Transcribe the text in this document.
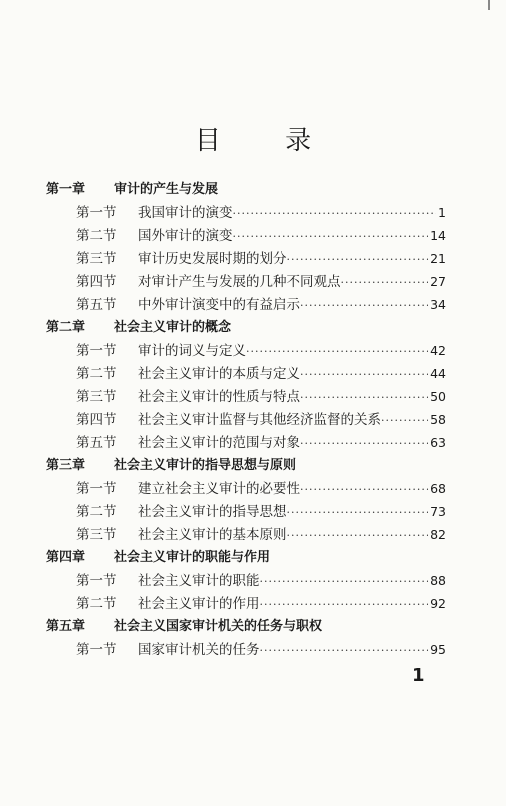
目 录
第一章 审计的产生与发展
第一节	我国审计的演变 ·····	1
第二节	国外审计的演变 ·····	14
第三节	审计历史发展时期的划分 ·····	21
第四节	对审计产生与发展的几种不同观点 ·····	27
第五节	中外审计演变中的有益启示 ·····	34
第二章 社会主义审计的概念
第一节	审计的词义与定义 ·····	42
第二节	社会主义审计的本质与定义 ·····	44
第三节	社会主义审计的性质与特点 ·····	50
第四节	社会主义审计监督与其他经济监督的关系 ·····	58
第五节	社会主义审计的范围与对象 ·····	63
第三章 社会主义审计的指导思想与原则
第一节	建立社会主义审计的必要性 ·····	68
第二节	社会主义审计的指导思想 ·····	73
第三节	社会主义审计的基本原则 ·····	82
第四章 社会主义审计的职能与作用
第一节	社会主义审计的职能 ·····	88
第二节	社会主义审计的作用 ·····	92
第五章 社会主义国家审计机关的任务与职权
第一节	国家审计机关的任务 ·····	95
1
